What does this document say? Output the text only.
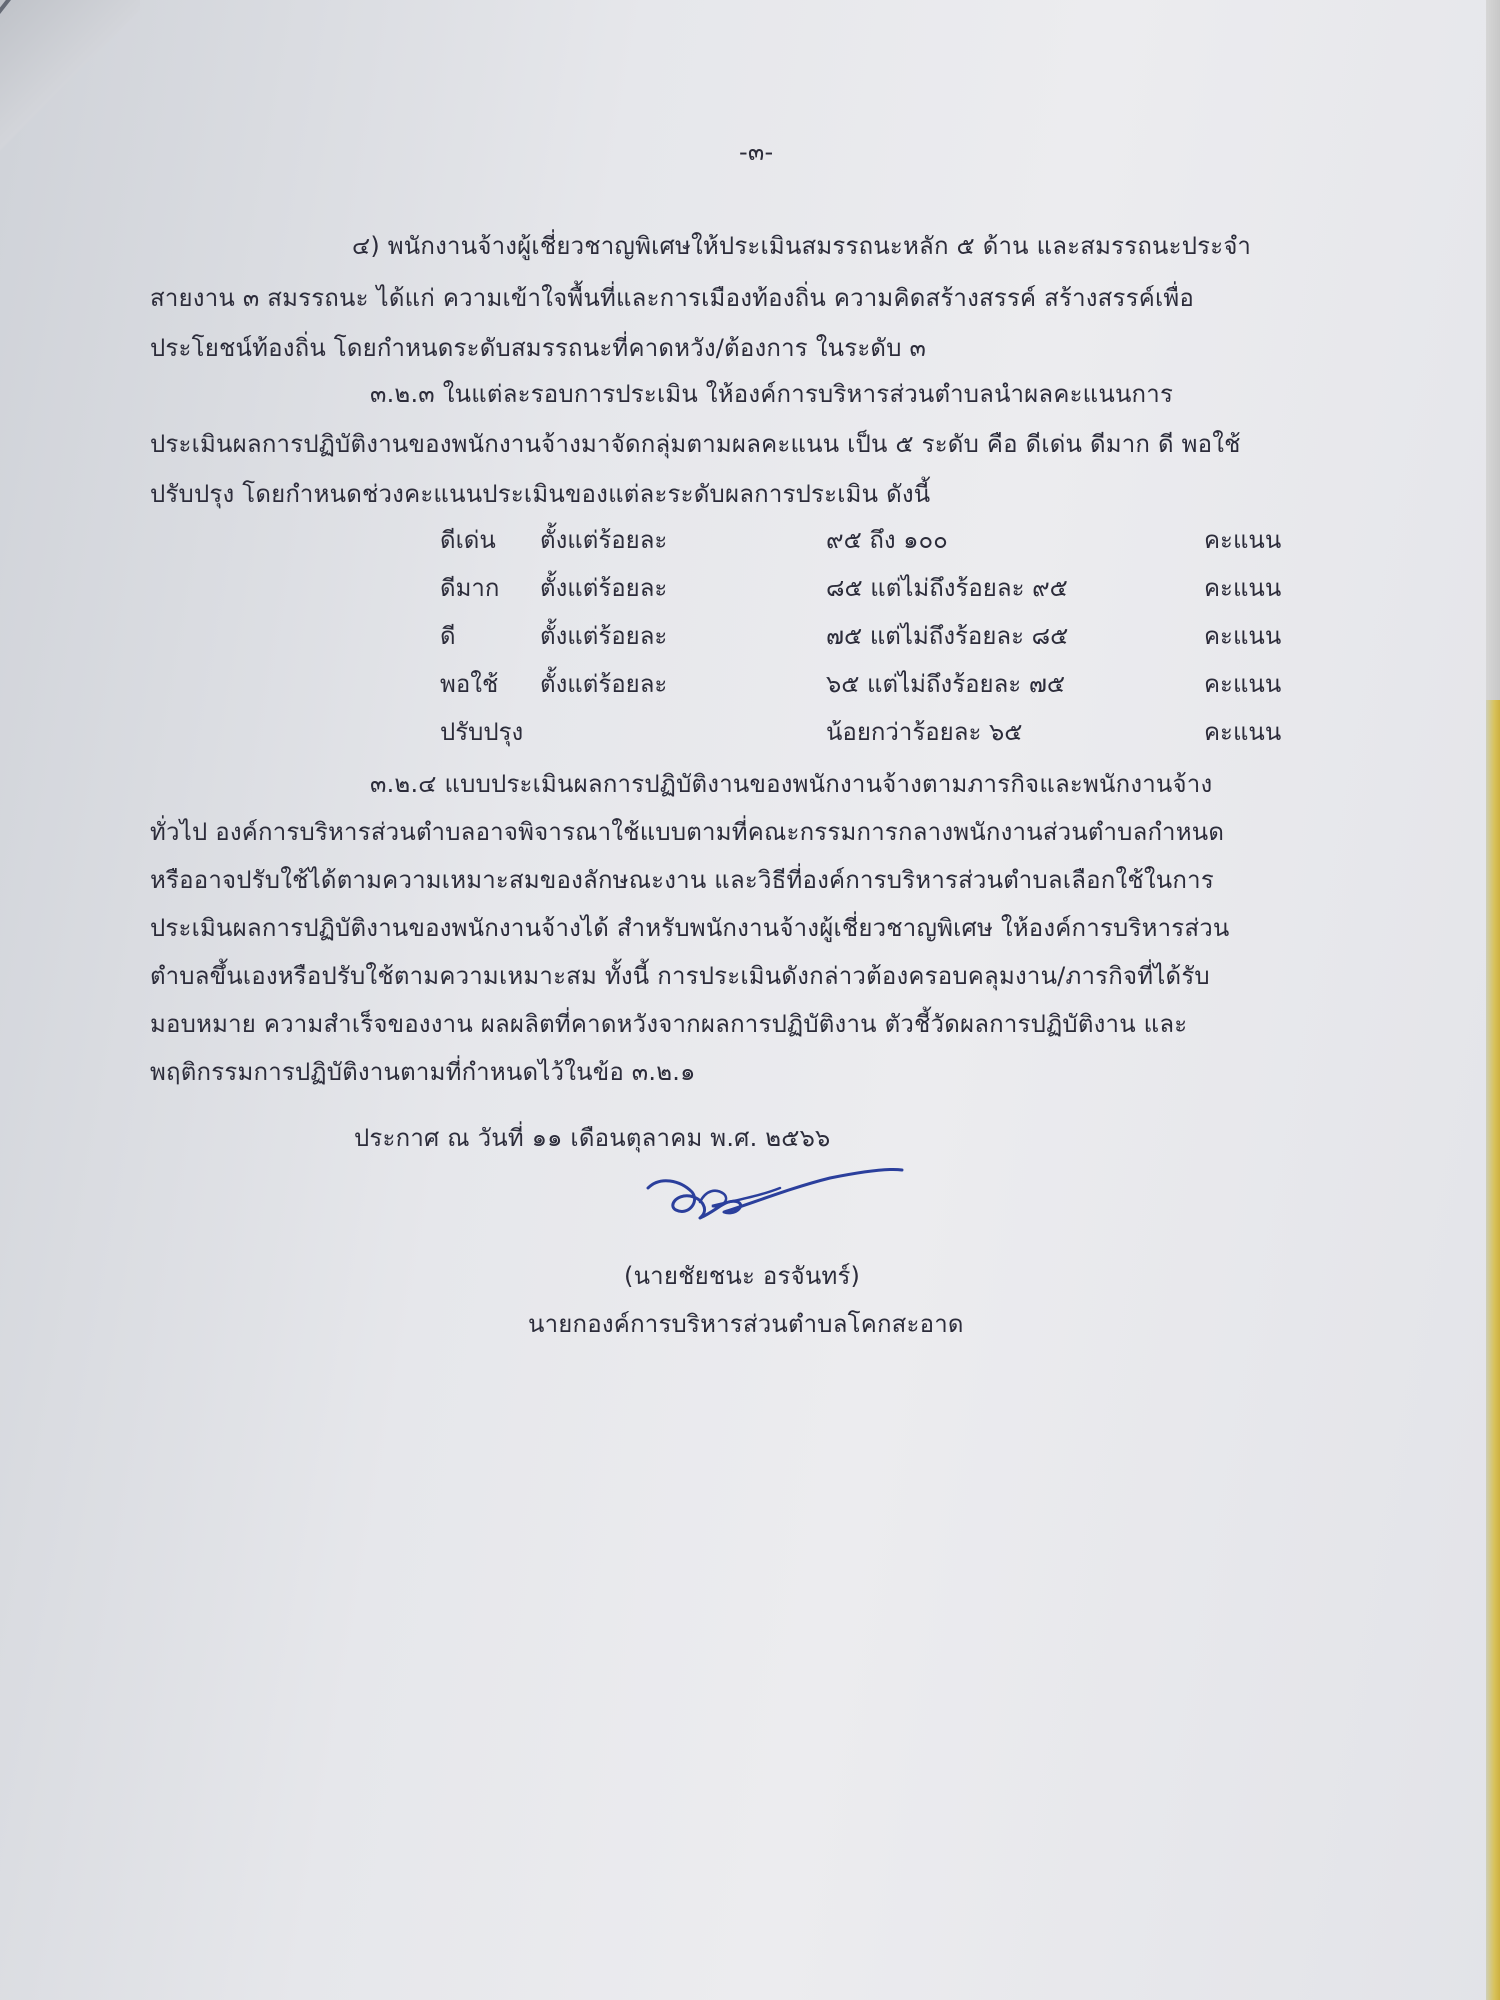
-๓-
๔) พนักงานจ้างผู้เชี่ยวชาญพิเศษให้ประเมินสมรรถนะหลัก ๕ ด้าน และสมรรถนะประจำ
สายงาน ๓ สมรรถนะ ได้แก่ ความเข้าใจพื้นที่และการเมืองท้องถิ่น ความคิดสร้างสรรค์ สร้างสรรค์เพื่อ
ประโยชน์ท้องถิ่น โดยกำหนดระดับสมรรถนะที่คาดหวัง/ต้องการ ในระดับ ๓
๓.๒.๓ ในแต่ละรอบการประเมิน ให้องค์การบริหารส่วนตำบลนำผลคะแนนการ
ประเมินผลการปฏิบัติงานของพนักงานจ้างมาจัดกลุ่มตามผลคะแนน เป็น ๕ ระดับ คือ ดีเด่น ดีมาก ดี พอใช้
ปรับปรุง โดยกำหนดช่วงคะแนนประเมินของแต่ละระดับผลการประเมิน ดังนี้
ดีเด่น ตั้งแต่ร้อยละ	๙๕ ถึง ๑๐๐	คะแนน
ดีมาก ตั้งแต่ร้อยละ	๘๕ แต่ไม่ถึงร้อยละ ๙๕	คะแนน
ดี	ตั้งแต่ร้อยละ	๗๕ แต่ไม่ถึงร้อยละ ๘๕	คะแนน
พอใช้ ตั้งแต่ร้อยละ	๖๕ แต่ไม่ถึงร้อยละ ๗๕	คะแนน
ปรับปรุง	น้อยกว่าร้อยละ ๖๕	คะแนน
๓.๒.๔ แบบประเมินผลการปฏิบัติงานของพนักงานจ้างตามภารกิจและพนักงานจ้าง
ทั่วไป องค์การบริหารส่วนตำบลอาจพิจารณาใช้แบบตามที่คณะกรรมการกลางพนักงานส่วนตำบลกำหนด
หรืออาจปรับใช้ได้ตามความเหมาะสมของลักษณะงาน และวิธีที่องค์การบริหารส่วนตำบลเลือกใช้ในการ
ประเมินผลการปฏิบัติงานของพนักงานจ้างได้ สำหรับพนักงานจ้างผู้เชี่ยวชาญพิเศษ ให้องค์การบริหารส่วน
ตำบลขึ้นเองหรือปรับใช้ตามความเหมาะสม ทั้งนี้ การประเมินดังกล่าวต้องครอบคลุมงาน/ภารกิจที่ได้รับ
มอบหมาย ความสำเร็จของงาน ผลผลิตที่คาดหวังจากผลการปฏิบัติงาน ตัวชี้วัดผลการปฏิบัติงาน และ
พฤติกรรมการปฏิบัติงานตามที่กำหนดไว้ในข้อ ๓.๒.๑
ประกาศ ณ วันที่ ๑๑ เดือนตุลาคม พ.ศ. ๒๕๖๖
(นายชัยชนะ อรจันทร์)
นายกองค์การบริหารส่วนตำบลโคกสะอาด
